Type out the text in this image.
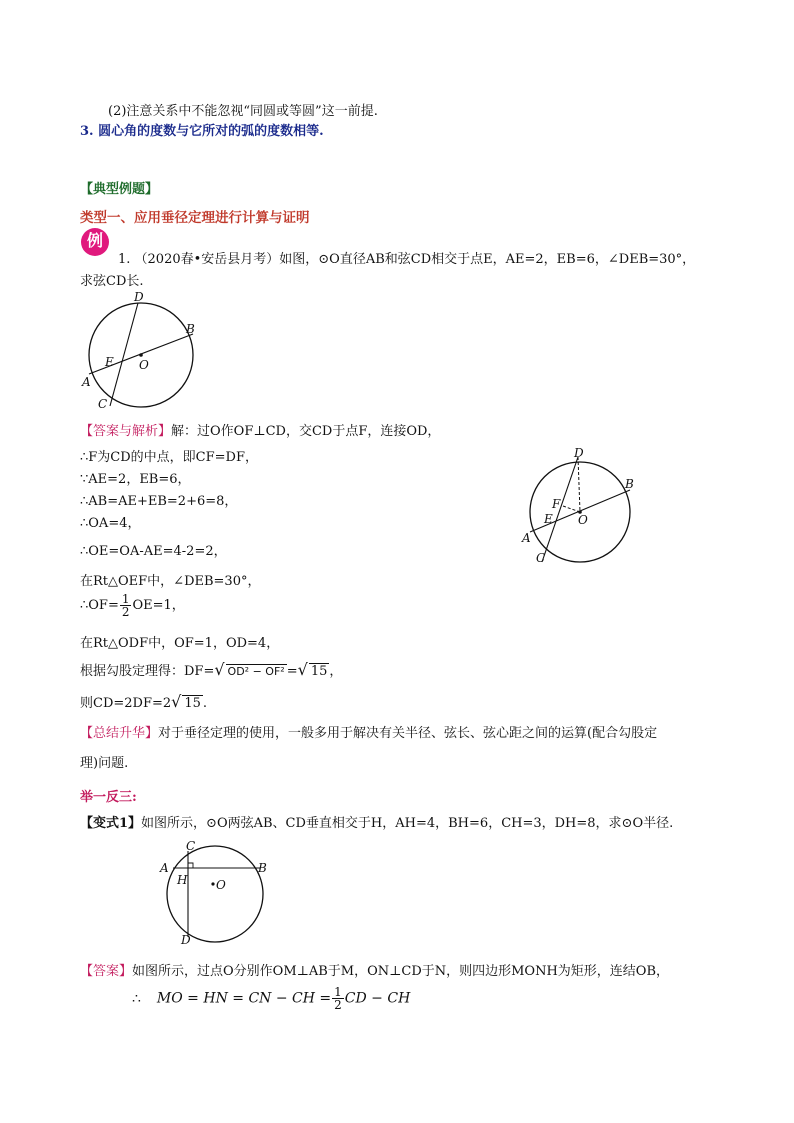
(2)注意关系中不能忽视“同圆或等圆”这一前提.
3. 圆心角的度数与它所对的弧的度数相等.
【典型例题】
类型一、应用垂径定理进行计算与证明
例
1. （2020春•安岳县月考）如图，⊙O直径AB和弦CD相交于点E，AE=2，EB=6，∠DEB=30°，
求弦CD长.
D
B
E O
A
C
【答案与解析】解：过O作OF⊥CD，交CD于点F，连接OD，
∴F为CD的中点，即CF=DF，
∵AE=2，EB=6，
∴AB=AE+EB=2+6=8，
∴OA=4，
∴OE=OA-AE=4-2=2，
在Rt△OEF中，∠DEB=30°，
∴OF= $\frac{1}{2} OE=1$，
在Rt△ODF中，OF=1，OD=4，
根据勾股定理得：DF=√ OD² − OF² =√ 15 ，
则CD=2DF=2√ 15 .
D
B
F
E O
A
C
【总结升华】对于垂径定理的使用，一般多用于解决有关半径、弦长、弦心距之间的运算(配合勾股定
理)问题.
举一反三:
【变式1】如图所示，⊙O两弦AB、CD垂直相交于H，AH=4，BH=6，CH=3，DH=8，求⊙O半径.
C
A
H O
B
D
【答案】如图所示，过点O分别作OM⊥AB于M，ON⊥CD于N，则四边形MONH为矩形，连结OB，
∴ MO = HN = CN − CH = $\frac{1}{2}$ CD − CH
